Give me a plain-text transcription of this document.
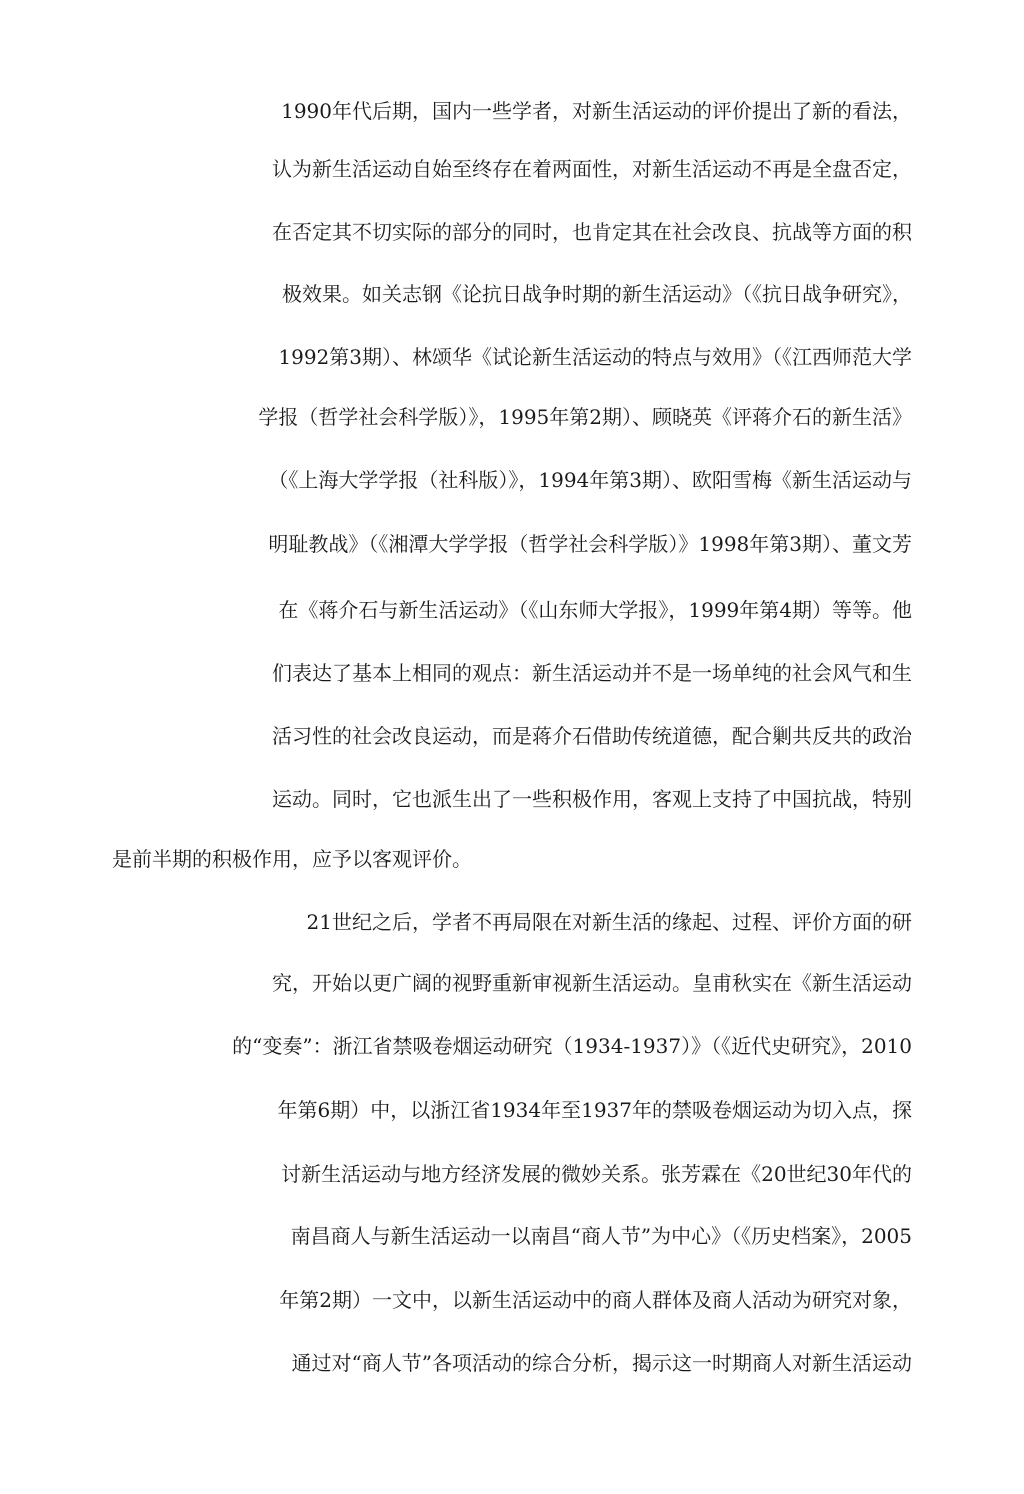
1990年代后期，国内一些学者，对新生活运动的评价提出了新的看法，
认为新生活运动自始至终存在着两面性，对新生活运动不再是全盘否定，
在否定其不切实际的部分的同时，也肯定其在社会改良、抗战等方面的积
极效果。如关志钢《论抗日战争时期的新生活运动》（《抗日战争研究》，
1992第3期）、林颂华《试论新生活运动的特点与效用》（《江西师范大学
学报（哲学社会科学版）》，1995年第2期）、顾晓英《评蒋介石的新生活》
（《上海大学学报（社科版）》，1994年第3期）、欧阳雪梅《新生活运动与
明耻教战》（《湘潭大学学报（哲学社会科学版）》1998年第3期）、董文芳
在《蒋介石与新生活运动》（《山东师大学报》，1999年第4期）等等。他
们表达了基本上相同的观点：新生活运动并不是一场单纯的社会风气和生
活习性的社会改良运动，而是蒋介石借助传统道德，配合剿共反共的政治
运动。同时，它也派生出了一些积极作用，客观上支持了中国抗战，特别
是前半期的积极作用，应予以客观评价。
21世纪之后，学者不再局限在对新生活的缘起、过程、评价方面的研
究，开始以更广阔的视野重新审视新生活运动。皇甫秋实在《新生活运动
的“变奏”：浙江省禁吸卷烟运动研究（1934-1937）》（《近代史研究》，2010
年第6期）中，以浙江省1934年至1937年的禁吸卷烟运动为切入点，探
讨新生活运动与地方经济发展的微妙关系。张芳霖在《20世纪30年代的
南昌商人与新生活运动一以南昌“商人节”为中心》（《历史档案》，2005
年第2期）一文中，以新生活运动中的商人群体及商人活动为研究对象，
通过对“商人节”各项活动的综合分析，揭示这一时期商人对新生活运动
